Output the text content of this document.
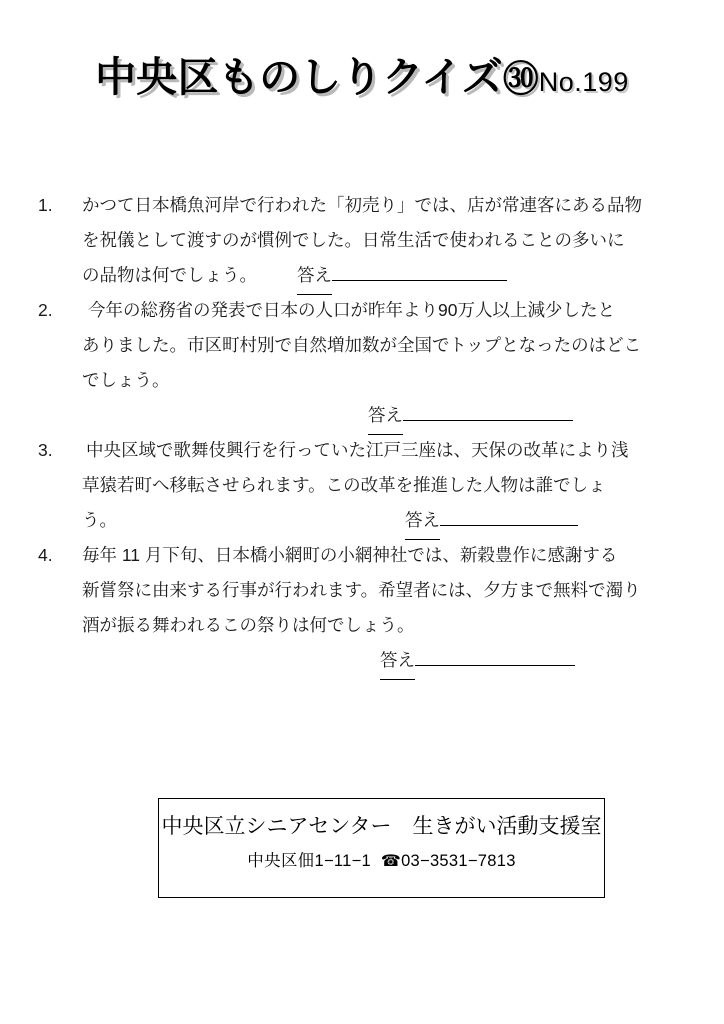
中央区ものしりクイズ㉚No.199
1.	かつて日本橋魚河岸で行われた「初売り」では、店が常連客にある品物
を祝儀として渡すのが慣例でした。日常生活で使われることの多いに
の品物は何でしょう。 答え
2.	今年の総務省の発表で日本の人口が昨年より90万人以上減少したと
ありました。市区町村別で自然増加数が全国でトップとなったのはどこ
でしょう。
答え
3.	中央区域で歌舞伎興行を行っていた江戸三座は、天保の改革により浅
草猿若町へ移転させられます。この改革を推進した人物は誰でしょ
う。	答え
4.	毎年 11 月下旬、日本橋小網町の小網神社では、新穀豊作に感謝する
新嘗祭に由来する行事が行われます。希望者には、夕方まで無料で濁り
酒が振る舞われるこの祭りは何でしょう。
答え
中央区立シニアセンター　生きがい活動支援室
中央区佃1−11−1 ☎03−3531−7813
